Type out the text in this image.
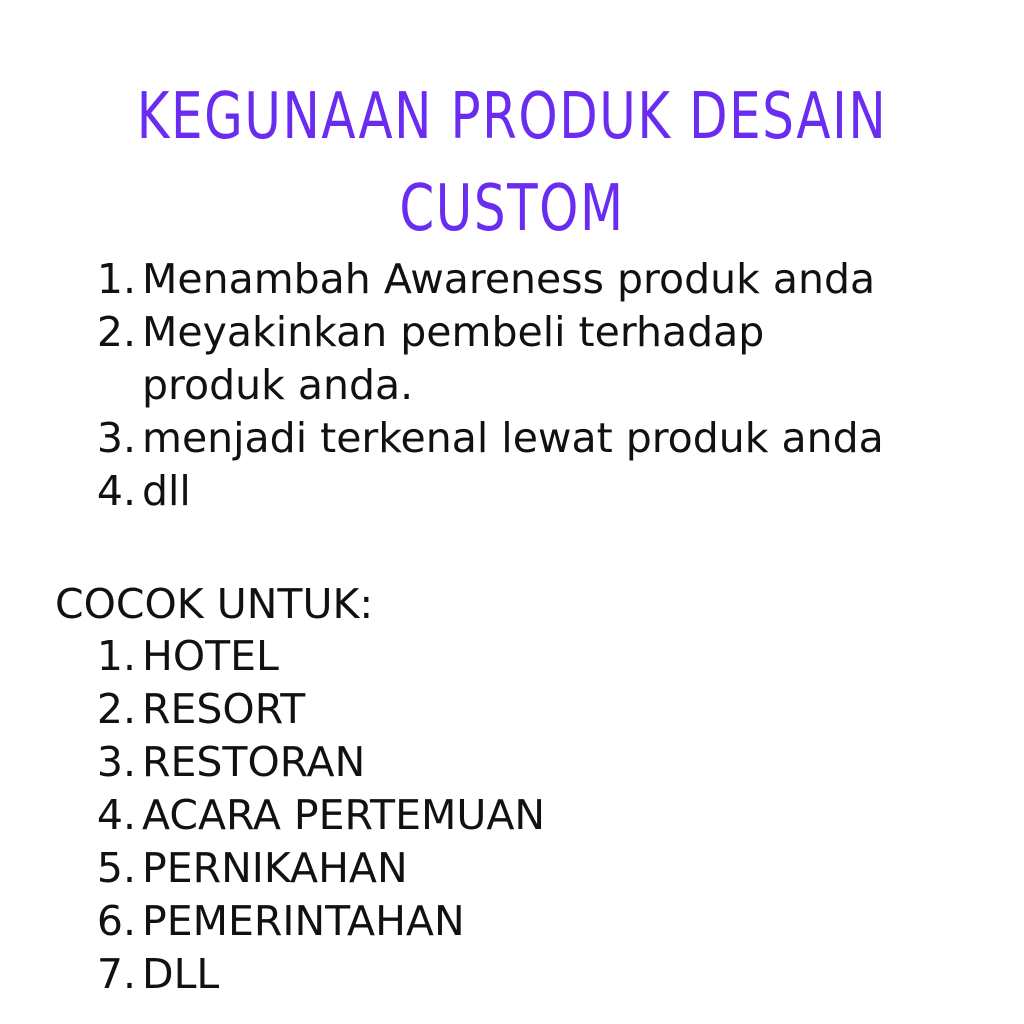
KEGUNAAN PRODUK DESAIN
CUSTOM
1. Menambah Awareness produk anda
2. Meyakinkan pembeli terhadap produk anda.
3. menjadi terkenal lewat produk anda
4. dll
COCOK UNTUK:
1. HOTEL
2. RESORT
3. RESTORAN
4. ACARA PERTEMUAN
5. PERNIKAHAN
6. PEMERINTAHAN
7. DLL
